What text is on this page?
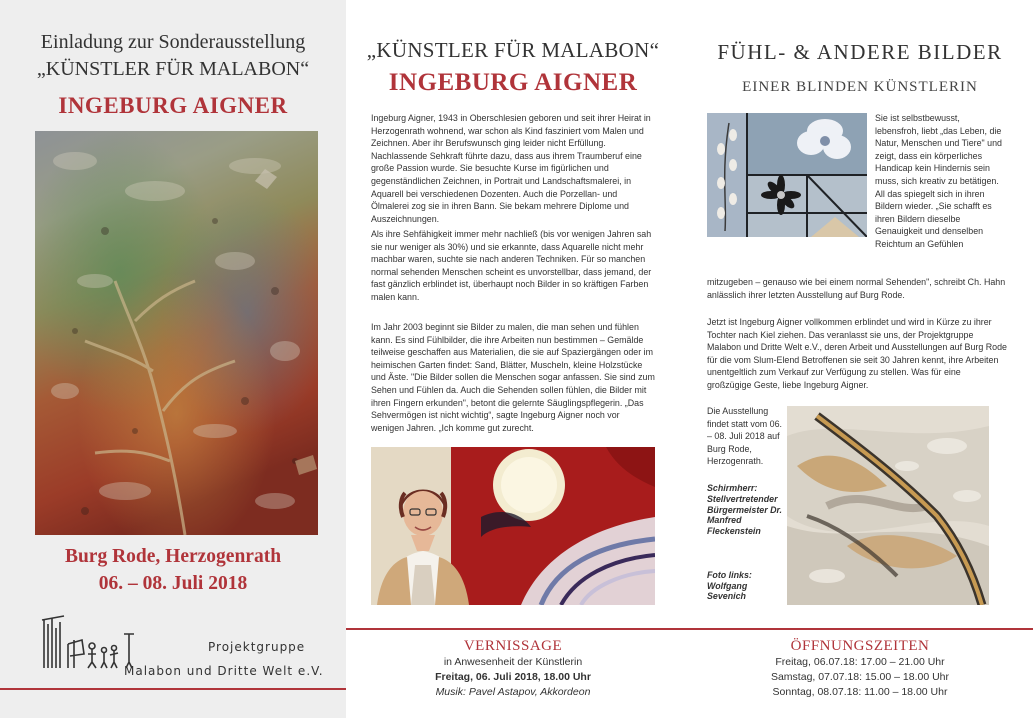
Einladung zur Sonderausstellung
„KÜNSTLER FÜR MALABON“
INGEBURG AIGNER
Burg Rode, Herzogenrath
06. – 08. Juli 2018
Projektgruppe
Malabon und Dritte Welt e.V.
„KÜNSTLER FÜR MALABON“
INGEBURG AIGNER

Ingeburg Aigner, 1943 in Oberschlesien geboren und seit ihrer Heirat in Herzogenrath wohnend, war schon als Kind fasziniert vom Malen und Zeichnen. Aber ihr Berufswunsch ging leider nicht Erfüllung. Nachlassende Sehkraft führte dazu, dass aus ihrem Traumberuf eine große Passion wurde. Sie besuchte Kurse im figürlichen und gegenständlichen Zeichnen, in Portrait und Landschaftsmalerei, in Aquarell bei verschiedenen Dozenten. Auch die Porzellan- und Ölmalerei zog sie in ihren Bann. Sie bekam mehrere Diplome und Auszeichnungen.

Als ihre Sehfähigkeit immer mehr nachließ (bis vor wenigen Jahren sah sie nur weniger als 30%) und sie erkannte, dass Aquarelle nicht mehr machbar waren, suchte sie nach anderen Techniken. Für so manchen normal sehenden Menschen scheint es unvorstellbar, dass jemand, der fast gänzlich erblindet ist, überhaupt noch Bilder in so kräftigen Farben malen kann.

Im Jahr 2003 beginnt sie Bilder zu malen, die man sehen und fühlen kann. Es sind Fühlbilder, die ihre Arbeiten nun bestimmen – Gemälde teilweise geschaffen aus Materialien, die sie auf Spaziergängen oder im heimischen Garten findet: Sand, Blätter, Muscheln, kleine Holzstücke und Äste. "Die Bilder sollen die Menschen sogar anfassen. Sie sind zum Sehen und Fühlen da. Auch die Sehenden sollen fühlen, die Bilder mit ihren Fingern erkunden", betont die gelernte Säuglingspflegerin. „Das Sehvermögen ist nicht wichtig“, sagte Ingeburg Aigner noch vor wenigen Jahren. „Ich komme gut zurecht.

FÜHL- & ANDERE BILDER
EINER BLINDEN KÜNSTLERIN

Sie ist selbstbewusst, lebensfroh, liebt „das Leben, die Natur, Menschen und Tiere" und zeigt, dass ein körperliches Handicap kein Hindernis sein muss, sich kreativ zu betätigen. All das spiegelt sich in ihren Bildern wieder. „Sie schafft es ihren Bildern dieselbe Genauigkeit und denselben Reichtum an Gefühlen

mitzugeben – genauso wie bei einem normal Sehenden", schreibt Ch. Hahn anlässlich ihrer letzten Ausstellung auf Burg Rode.

Jetzt ist Ingeburg Aigner vollkommen erblindet und wird in Kürze zu ihrer Tochter nach Kiel ziehen. Das veranlasst sie uns, der Projektgruppe Malabon und Dritte Welt e.V., deren Arbeit und Ausstellungen auf Burg Rode für die vom Slum-Elend Betroffenen sie seit 30 Jahren kennt, ihre Arbeiten unentgeltlich zum Verkauf zur Verfügung zu stellen. Was für eine großzügige Geste, liebe Ingeburg Aigner.

Die Ausstellung findet statt vom 06. – 08. Juli 2018 auf Burg Rode, Herzogenrath.

Schirmherr:

Stellvertretender Bürgermeister Dr. Manfred Fleckenstein

Foto links: Wolfgang Sevenich

VERNISSAGE
in Anwesenheit der Künstlerin
Freitag, 06. Juli 2018, 18.00 Uhr
Musik: Pavel Astapov, Akkordeon
ÖFFNUNGSZEITEN
Freitag, 06.07.18: 17.00 – 21.00 Uhr
Samstag, 07.07.18: 15.00 – 18.00 Uhr
Sonntag, 08.07.18: 11.00 – 18.00 Uhr
